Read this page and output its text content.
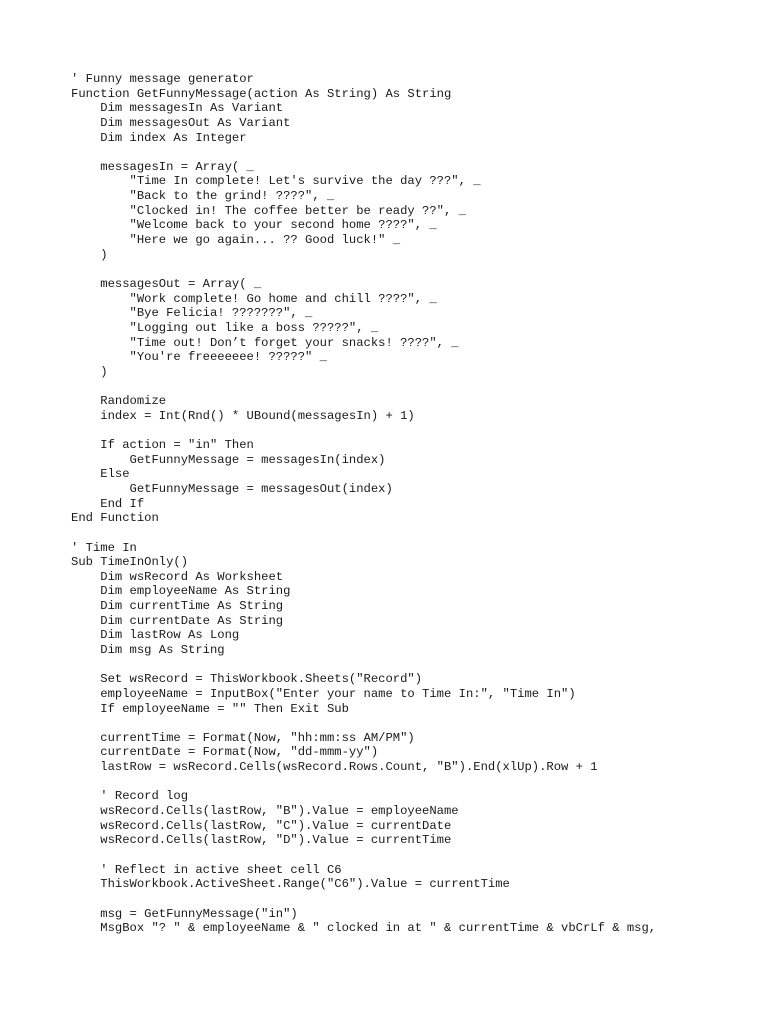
' Funny message generator
Function GetFunnyMessage(action As String) As String
Dim messagesIn As Variant
Dim messagesOut As Variant
Dim index As Integer
messagesIn = Array( _
"Time In complete! Let's survive the day ???", _
"Back to the grind! ????", _
"Clocked in! The coffee better be ready ??", _
"Welcome back to your second home ????", _
"Here we go again... ?? Good luck!" _
)
messagesOut = Array( _
"Work complete! Go home and chill ????", _
"Bye Felicia! ???????", _
"Logging out like a boss ?????", _
"Time out! Don’t forget your snacks! ????", _
"You're freeeeeee! ?????" _
)
Randomize
index = Int(Rnd() * UBound(messagesIn) + 1)
If action = "in" Then
GetFunnyMessage = messagesIn(index)
Else
GetFunnyMessage = messagesOut(index)
End If
End Function
' Time In
Sub TimeInOnly()
Dim wsRecord As Worksheet
Dim employeeName As String
Dim currentTime As String
Dim currentDate As String
Dim lastRow As Long
Dim msg As String
Set wsRecord = ThisWorkbook.Sheets("Record")
employeeName = InputBox("Enter your name to Time In:", "Time In")
If employeeName = "" Then Exit Sub
currentTime = Format(Now, "hh:mm:ss AM/PM")
currentDate = Format(Now, "dd-mmm-yy")
lastRow = wsRecord.Cells(wsRecord.Rows.Count, "B").End(xlUp).Row + 1
' Record log
wsRecord.Cells(lastRow, "B").Value = employeeName
wsRecord.Cells(lastRow, "C").Value = currentDate
wsRecord.Cells(lastRow, "D").Value = currentTime
' Reflect in active sheet cell C6
ThisWorkbook.ActiveSheet.Range("C6").Value = currentTime
msg = GetFunnyMessage("in")
MsgBox "? " & employeeName & " clocked in at " & currentTime & vbCrLf & msg,
